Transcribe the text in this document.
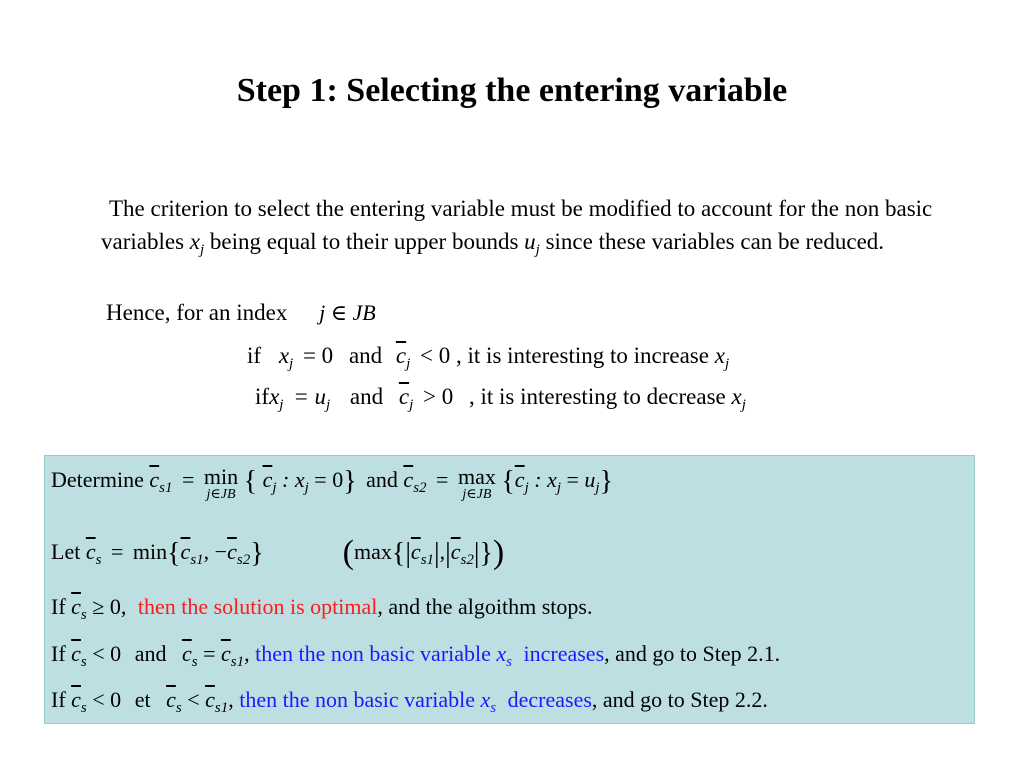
Step 1: Selecting the entering variable
The criterion to select the entering variable must be modified to account for the non basic variables $x_j$ being equal to their upper bounds $u_j$ since these variables can be reduced.
Hence, for an index j ∈ JB
if $x_j = 0$ and $\overline{c}_j < 0$ , it is interesting to increase $x_j$
$ifx_j = u_j$ and $\overline{c}_j > 0$ , it is interesting to decrease $x_j$
Determine $\overline{c}_{s1} = \min$
j∈JB { $\overline{c}_j$ : $x_j = 0$} and $\overline{c}_{s2} = \max$
j∈JB {$\overline{c}_j$ : $x_j = u_j$}
Let $\overline{c}_s = \min\{\overline{c}_{s1}$, $-\overline{c}_{s2}$} $(\max\{|\overline{c}_{s1}|,|\overline{c}_{s2}|\})$
If $\overline{c}_s \ge 0$, then the solution is optimal, and the algoithm stops.
If $\overline{c}_s < 0$ and $\overline{c}_s = \overline{c}_{s1}$, then the non basic variable $x_s$ increases, and go to Step 2.1.
If $\overline{c}_s < 0$ et $\overline{c}_s < \overline{c}_{s1}$, then the non basic variable $x_s$ decreases, and go to Step 2.2.
